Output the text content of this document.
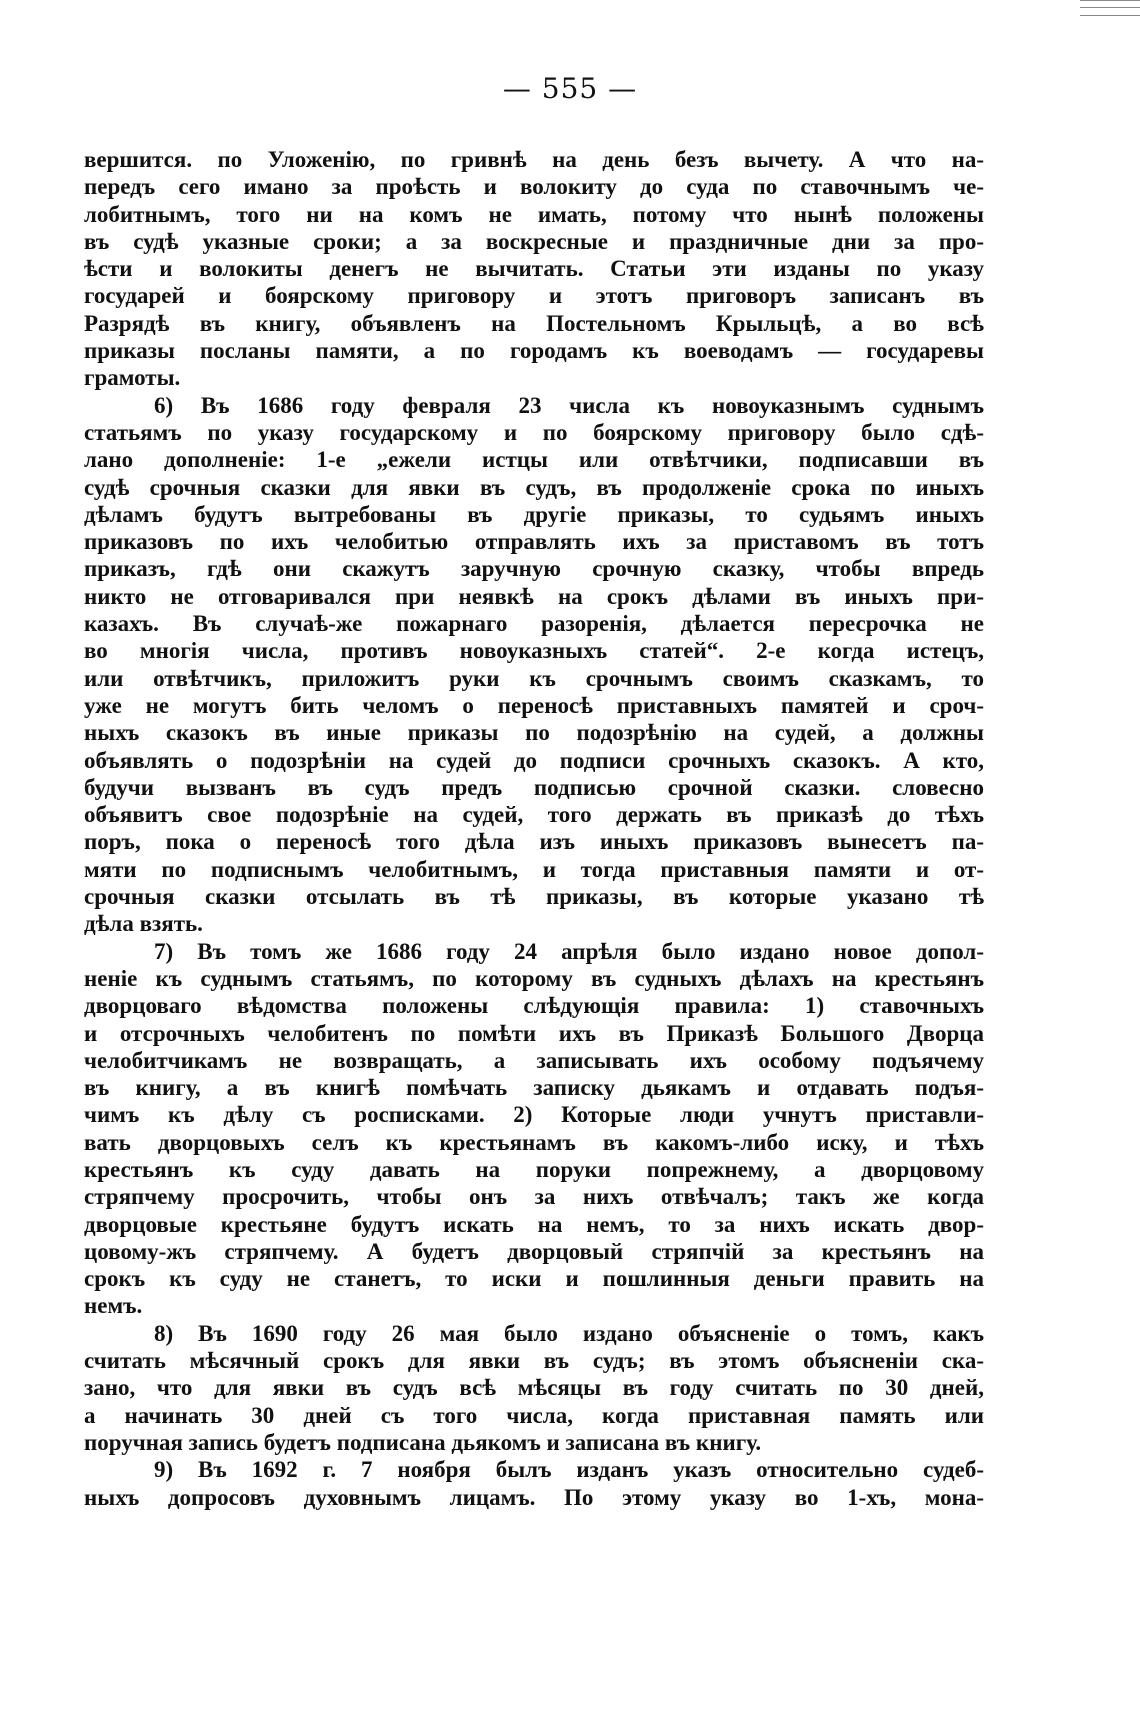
— 555 —
вершится. по Уложенію, по гривнѣ на день безъ вычету. А что на-
передъ сего имано за проѣсть и волокиту до суда по ставочнымъ че-
лобитнымъ, того ни на комъ не имать, потому что нынѣ положены
въ судѣ указные сроки; а за воскресные и праздничные дни за про-
ѣсти и волокиты денегъ не вычитать. Статьи эти изданы по указу
государей и боярскому приговору и этотъ приговоръ записанъ въ
Разрядѣ въ книгу, объявленъ на Постельномъ Крыльцѣ, а во всѣ
приказы посланы памяти, а по городамъ къ воеводамъ — государевы
грамоты.
6) Въ 1686 году февраля 23 числа къ новоуказнымъ суднымъ
статьямъ по указу государскому и по боярскому приговору было сдѣ-
лано дополненіе: 1-е „ежели истцы или отвѣтчики, подписавши въ
судѣ срочныя сказки для явки въ судъ, въ продолженіе срока по иныхъ
дѣламъ будутъ вытребованы въ другіе приказы, то судьямъ иныхъ
приказовъ по ихъ челобитью отправлять ихъ за приставомъ въ тотъ
приказъ, гдѣ они скажутъ заручную срочную сказку, чтобы впредь
никто не отговаривался при неявкѣ на срокъ дѣлами въ иныхъ при-
казахъ. Въ случаѣ-же пожарнаго разоренія, дѣлается пересрочка не
во многія числа, противъ новоуказныхъ статей“. 2-е когда истецъ,
или отвѣтчикъ, приложитъ руки къ срочнымъ своимъ сказкамъ, то
уже не могутъ бить челомъ о переносѣ приставныхъ памятей и сроч-
ныхъ сказокъ въ иные приказы по подозрѣнію на судей, а должны
объявлять о подозрѣніи на судей до подписи срочныхъ сказокъ. А кто,
будучи вызванъ въ судъ предъ подписью срочной сказки. словесно
объявитъ свое подозрѣніе на судей, того держать въ приказѣ до тѣхъ
поръ, пока о переносѣ того дѣла изъ иныхъ приказовъ вынесетъ па-
мяти по подписнымъ челобитнымъ, и тогда приставныя памяти и от-
срочныя сказки отсылать въ тѣ приказы, въ которые указано тѣ
дѣла взять.
7) Въ томъ же 1686 году 24 апрѣля было издано новое допол-
неніе къ суднымъ статьямъ, по которому въ судныхъ дѣлахъ на крестьянъ
дворцоваго вѣдомства положены слѣдующія правила: 1) ставочныхъ
и отсрочныхъ челобитенъ по помѣти ихъ въ Приказѣ Большого Дворца
челобитчикамъ не возвращать, а записывать ихъ особому подъячему
въ книгу, а въ книгѣ помѣчать записку дьякамъ и отдавать подъя-
чимъ къ дѣлу съ росписками. 2) Которые люди учнутъ приставли-
вать дворцовыхъ селъ къ крестьянамъ въ какомъ-либо иску, и тѣхъ
крестьянъ къ суду давать на поруки попрежнему, а дворцовому
стряпчему просрочить, чтобы онъ за нихъ отвѣчалъ; такъ же когда
дворцовые крестьяне будутъ искать на немъ, то за нихъ искать двор-
цовому-жъ стряпчему. А будетъ дворцовый стряпчій за крестьянъ на
срокъ къ суду не станетъ, то иски и пошлинныя деньги править на
немъ.
8) Въ 1690 году 26 мая было издано объясненіе о томъ, какъ
считать мѣсячный срокъ для явки въ судъ; въ этомъ объясненіи ска-
зано, что для явки въ судъ всѣ мѣсяцы въ году считать по 30 дней,
а начинать 30 дней съ того числа, когда приставная память или
поручная запись будетъ подписана дьякомъ и записана въ книгу.
9) Въ 1692 г. 7 ноября былъ изданъ указъ относительно судеб-
ныхъ допросовъ духовнымъ лицамъ. По этому указу во 1-хъ, мона-
